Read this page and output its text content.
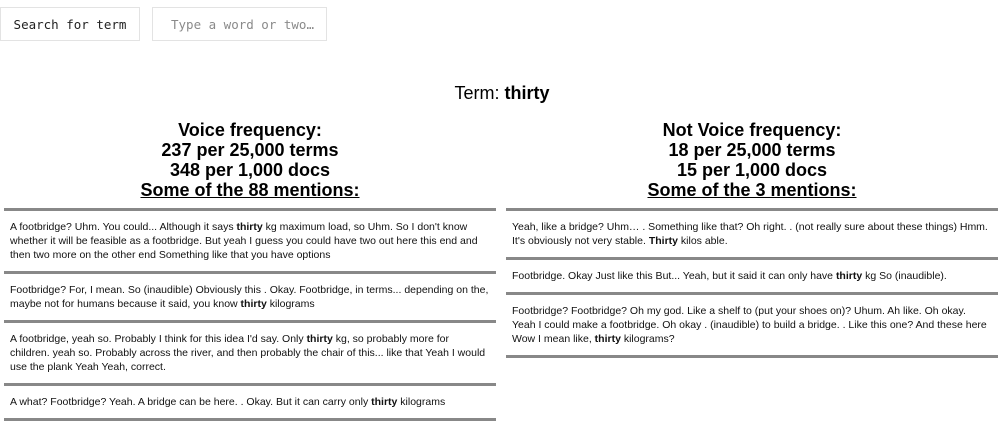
Search for term
Type a word or two…
Term: thirty
Voice frequency:
237 per 25,000 terms
348 per 1,000 docs
Some of the 88 mentions:
A footbridge? Uhm. You could... Although it says thirty kg maximum load, so Uhm. So I don't know whether it will be feasible as a footbridge. But yeah I guess you could have two out here this end and then two more on the other end Something like that you have options
Footbridge? For, I mean. So (inaudible) Obviously this . Okay. Footbridge, in terms... depending on the, maybe not for humans because it said, you know thirty kilograms
A footbridge, yeah so. Probably I think for this idea I'd say. Only thirty kg, so probably more for children. yeah so. Probably across the river, and then probably the chair of this... like that Yeah I would use the plank Yeah Yeah, correct.
A what? Footbridge? Yeah. A bridge can be here. . Okay. But it can carry only thirty kilograms
Not Voice frequency:
18 per 25,000 terms
15 per 1,000 docs
Some of the 3 mentions:
Yeah, like a bridge? Uhm… . Something like that? Oh right. . (not really sure about these things) Hmm. It's obviously not very stable. Thirty kilos able.
Footbridge. Okay Just like this But... Yeah, but it said it can only have thirty kg So (inaudible).
Footbridge? Footbridge? Oh my god. Like a shelf to (put your shoes on)? Uhum. Ah like. Oh okay. Yeah I could make a footbridge. Oh okay . (inaudible) to build a bridge. . Like this one? And these here Wow I mean like, thirty kilograms?
